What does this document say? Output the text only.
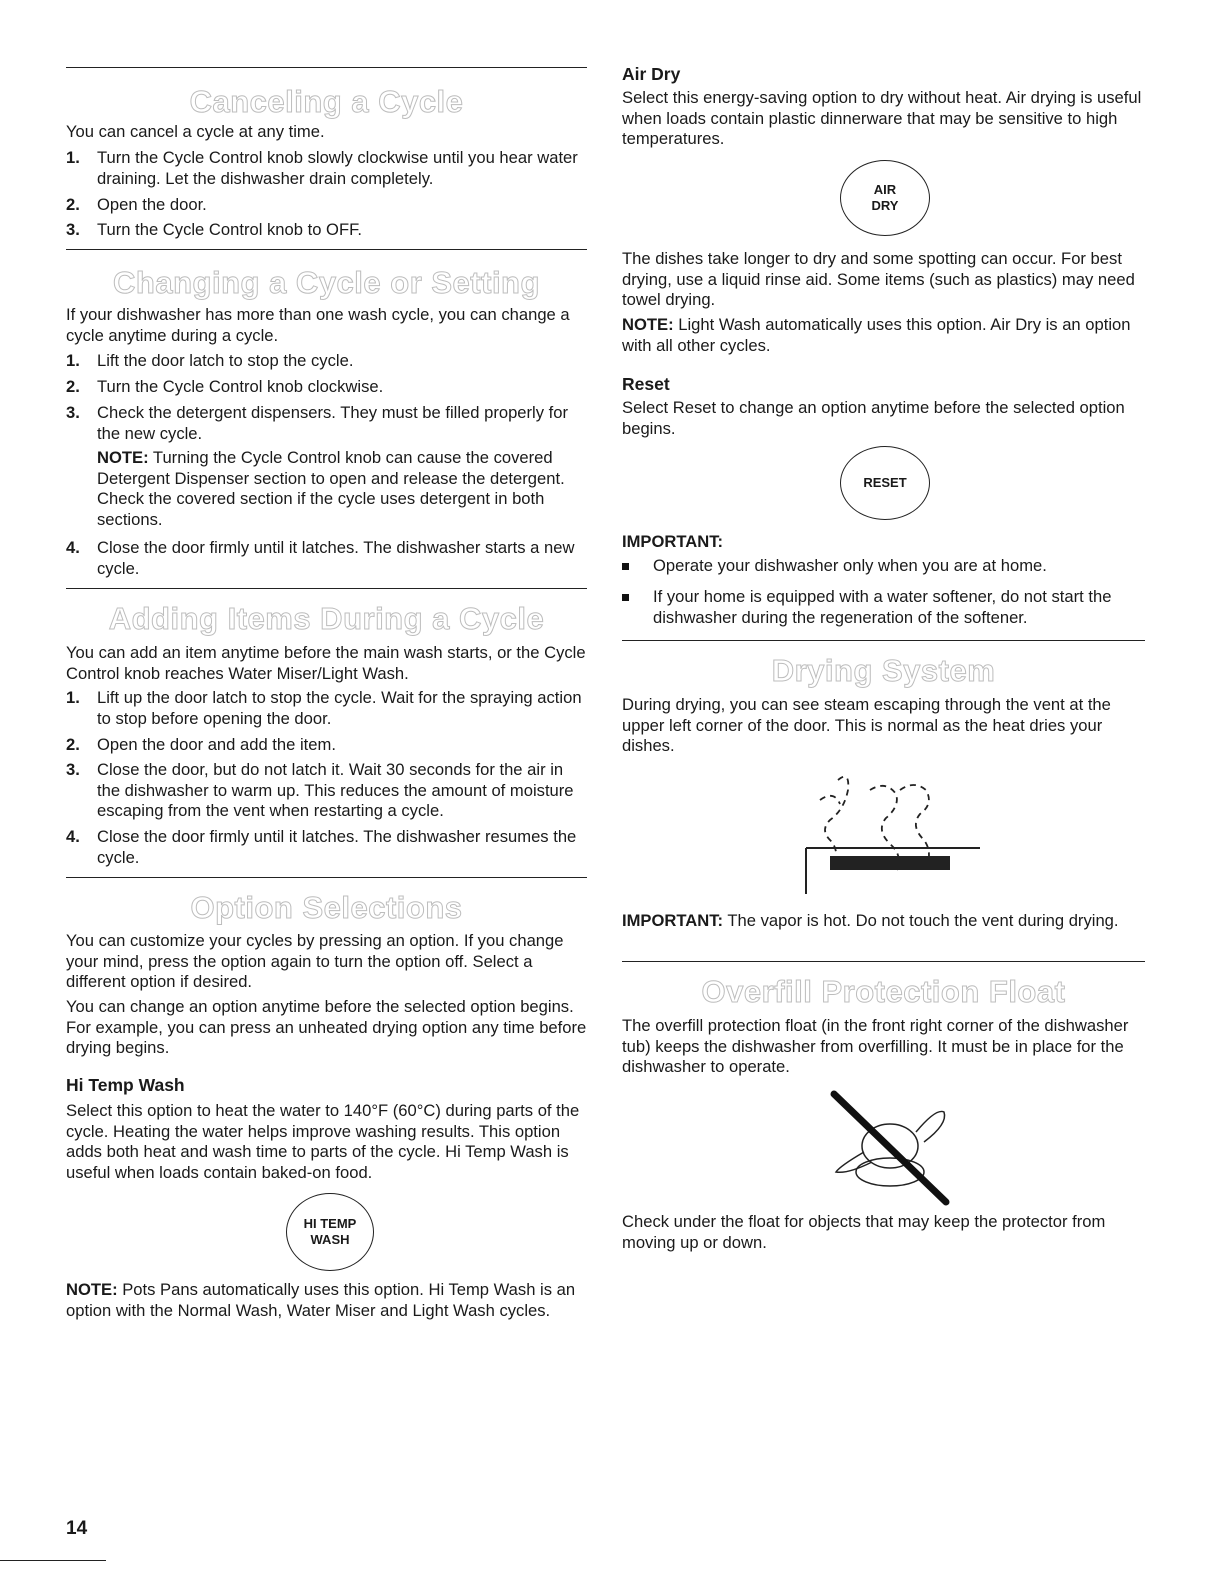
Canceling a Cycle

You can cancel a cycle at any time.

1. Turn the Cycle Control knob slowly clockwise until you hear water draining. Let the dishwasher drain completely.
2. Open the door.
3. Turn the Cycle Control knob to OFF.
Changing a Cycle or Setting

If your dishwasher has more than one wash cycle, you can change a cycle anytime during a cycle.

1. Lift the door latch to stop the cycle.
2. Turn the Cycle Control knob clockwise.
3. Check the detergent dispensers. They must be filled properly for the new cycle.
NOTE: Turning the Cycle Control knob can cause the covered Detergent Dispenser section to open and release the detergent. Check the covered section if the cycle uses detergent in both sections.
4. Close the door firmly until it latches. The dishwasher starts a new cycle.
Adding Items During a Cycle

You can add an item anytime before the main wash starts, or the Cycle Control knob reaches Water Miser/Light Wash.

1. Lift up the door latch to stop the cycle. Wait for the spraying action to stop before opening the door.
2. Open the door and add the item.
3. Close the door, but do not latch it. Wait 30 seconds for the air in the dishwasher to warm up. This reduces the amount of moisture escaping from the vent when restarting a cycle.
4. Close the door firmly until it latches. The dishwasher resumes the cycle.
Option Selections

You can customize your cycles by pressing an option. If you change your mind, press the option again to turn the option off. Select a different option if desired.

You can change an option anytime before the selected option begins. For example, you can press an unheated drying option any time before drying begins.

Hi Temp Wash

Select this option to heat the water to 140°F (60°C) during parts of the cycle. Heating the water helps improve washing results. This option adds both heat and wash time to parts of the cycle. Hi Temp Wash is useful when loads contain baked-on food.

HI TEMP
WASH

NOTE: Pots Pans automatically uses this option. Hi Temp Wash is an option with the Normal Wash, Water Miser and Light Wash cycles.

Air Dry

Select this energy-saving option to dry without heat. Air drying is useful when loads contain plastic dinnerware that may be sensitive to high temperatures.

AIR
DRY

The dishes take longer to dry and some spotting can occur. For best drying, use a liquid rinse aid. Some items (such as plastics) may need towel drying.

NOTE: Light Wash automatically uses this option. Air Dry is an option with all other cycles.

Reset

Select Reset to change an option anytime before the selected option begins.

RESET
IMPORTANT:
Operate your dishwasher only when you are at home.
If your home is equipped with a water softener, do not start the dishwasher during the regeneration of the softener.
Drying System

During drying, you can see steam escaping through the vent at the upper left corner of the door. This is normal as the heat dries your dishes.

IMPORTANT: The vapor is hot. Do not touch the vent during drying.

Overfill Protection Float

The overfill protection float (in the front right corner of the dishwasher tub) keeps the dishwasher from overfilling. It must be in place for the dishwasher to operate.

Check under the float for objects that may keep the protector from moving up or down.

14
